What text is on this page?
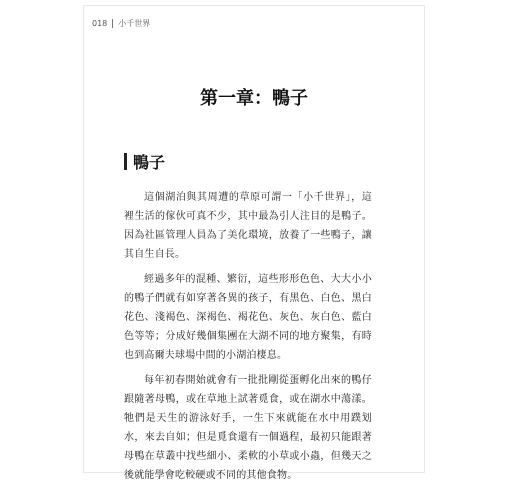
018 小千世界
第一章：鴨子
鴨子

這個湖泊與其周遭的草原可謂一「小千世界」，這裡生活的傢伙可真不少，其中最為引人注目的是鴨子。因為社區管理人員為了美化環境，放養了一些鴨子，讓其自生自長。

經過多年的混種、繁衍，這些形形色色、大大小小的鴨子們就有如穿著各異的孩子，有黑色、白色、黑白花色、淺褐色、深褐色、褐花色、灰色、灰白色、藍白色等等；分成好幾個集團在大湖不同的地方聚集，有時也到高爾夫球場中間的小湖泊棲息。

每年初春開始就會有一批批剛從蛋孵化出來的鴨仔跟隨著母鴨，或在草地上試著覓食，或在湖水中蕩漾。牠們是天生的游泳好手，一生下來就能在水中用蹼划水，來去自如；但是覓食還有一個過程，最初只能跟著母鴨在草叢中找些細小、柔軟的小草或小蟲，但幾天之後就能學會吃較硬或不同的其他食物。
